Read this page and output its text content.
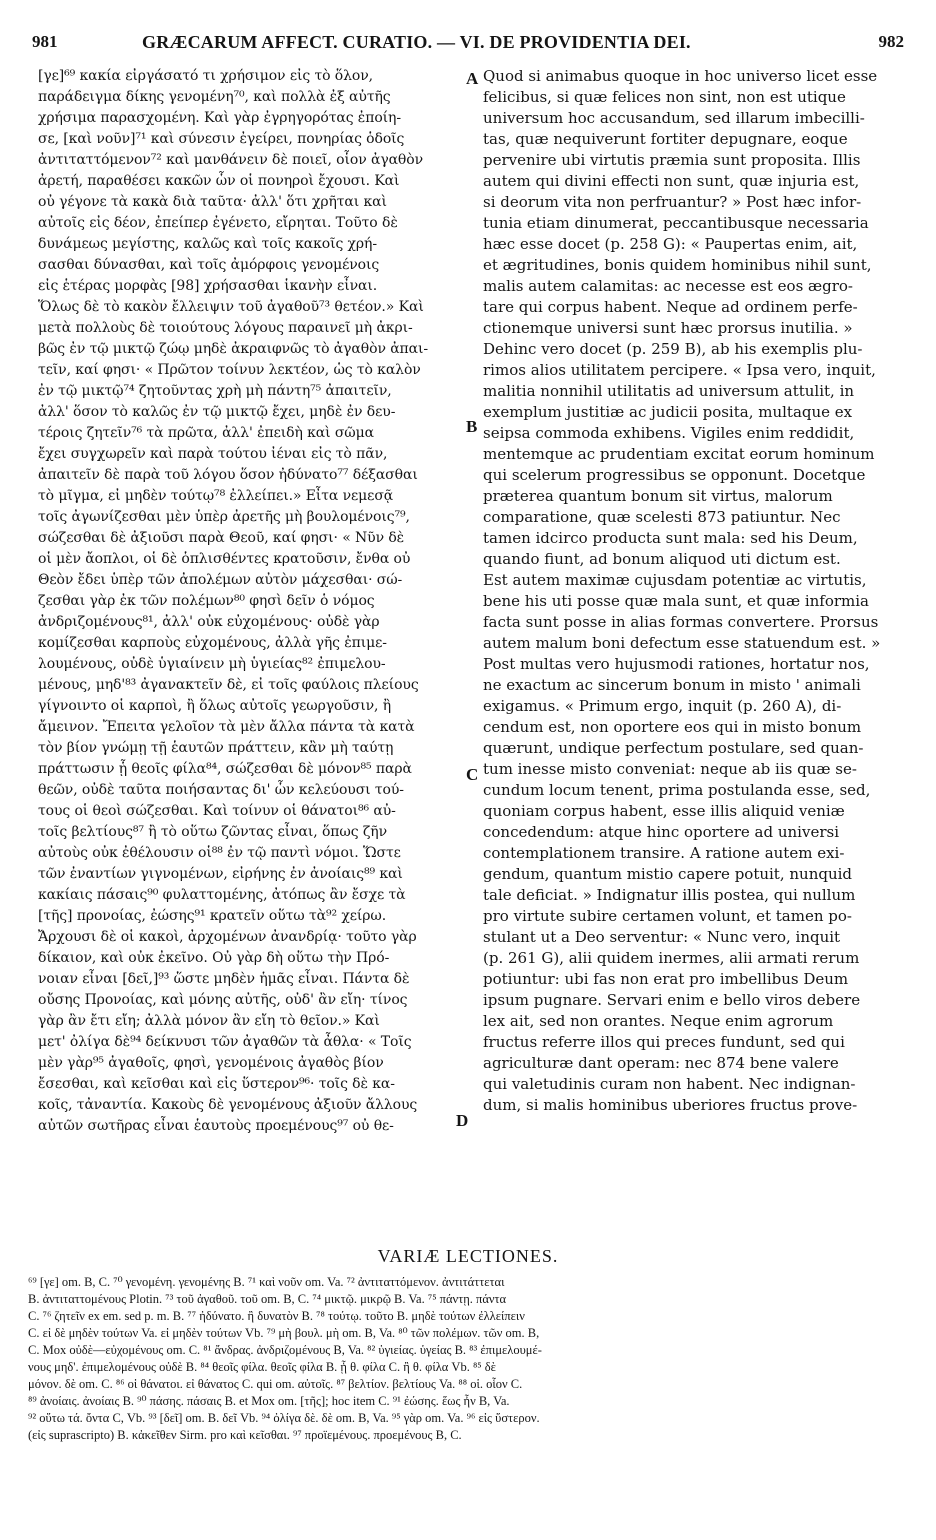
981	GRÆCARUM AFFECT. CURATIO. — VI. DE PROVIDENTIA DEI.	982
[γε]⁶⁹ κακία εἰργάσατό τι χρήσιμον εἰς τὸ ὅλον,
παράδειγμα δίκης γενομένη⁷⁰, καὶ πολλὰ ἐξ αὐτῆς
χρήσιμα παρασχομένη. Καὶ γὰρ ἐγρηγορότας ἐποίη-
σε, [καὶ νοῦν]⁷¹ καὶ σύνεσιν ἐγείρει, πονηρίας ὁδοῖς
ἀντιταττόμενον⁷² καὶ μανθάνειν δὲ ποιεῖ, οἷον ἀγαθὸν
ἀρετή, παραθέσει κακῶν ὧν οἱ πονηροὶ ἔχουσι. Καὶ
οὐ γέγονε τὰ κακὰ διὰ ταῦτα· ἀλλ' ὅτι χρῆται καὶ
αὐτοῖς εἰς δέον, ἐπείπερ ἐγένετο, εἴρηται. Τοῦτο δὲ
δυνάμεως μεγίστης, καλῶς καὶ τοῖς κακοῖς χρή-
σασθαι δύνασθαι, καὶ τοῖς ἀμόρφοις γενομένοις
εἰς ἑτέρας μορφὰς [98] χρήσασθαι ἱκανὴν εἶναι.
Ὅλως δὲ τὸ κακὸν ἔλλειψιν τοῦ ἀγαθοῦ⁷³ θετέον.» Καὶ
μετὰ πολλοὺς δὲ τοιούτους λόγους παραινεῖ μὴ ἀκρι-
βῶς ἐν τῷ μικτῷ ζώῳ μηδὲ ἀκραιφνῶς τὸ ἀγαθὸν ἀπαι-
τεῖν, καί φησι· « Πρῶτον τοίνυν λεκτέον, ὡς τὸ καλὸν
ἐν τῷ μικτῷ⁷⁴ ζητοῦντας χρὴ μὴ πάντη⁷⁵ ἀπαιτεῖν,
ἀλλ' ὅσον τὸ καλῶς ἐν τῷ μικτῷ ἔχει, μηδὲ ἐν δευ-
τέροις ζητεῖν⁷⁶ τὰ πρῶτα, ἀλλ' ἐπειδὴ καὶ σῶμα
ἔχει συγχωρεῖν καὶ παρὰ τούτου ἰέναι εἰς τὸ πᾶν,
ἀπαιτεῖν δὲ παρὰ τοῦ λόγου ὅσον ἠδύνατο⁷⁷ δέξασθαι
τὸ μῖγμα, εἰ μηδὲν τούτῳ⁷⁸ ἐλλείπει.» Εἶτα νεμεσᾷ
τοῖς ἀγωνίζεσθαι μὲν ὑπὲρ ἀρετῆς μὴ βουλομένοις⁷⁹,
σώζεσθαι δὲ ἀξιοῦσι παρὰ Θεοῦ, καί φησι· « Νῦν δὲ
οἱ μὲν ἄοπλοι, οἱ δὲ ὁπλισθέντες κρατοῦσιν, ἔνθα οὐ
Θεὸν ἔδει ὑπὲρ τῶν ἀπολέμων αὐτὸν μάχεσθαι· σώ-
ζεσθαι γὰρ ἐκ τῶν πολέμων⁸⁰ φησὶ δεῖν ὁ νόμος
ἀνδριζομένους⁸¹, ἀλλ' οὐκ εὐχομένους· οὐδὲ γὰρ
κομίζεσθαι καρποὺς εὐχομένους, ἀλλὰ γῆς ἐπιμε-
λουμένους, οὐδὲ ὑγιαίνειν μὴ ὑγιείας⁸² ἐπιμελου-
μένους, μηδ'⁸³ ἀγανακτεῖν δὲ, εἰ τοῖς φαύλοις πλείους
γίγνοιντο οἱ καρποὶ, ἢ ὅλως αὐτοῖς γεωργοῦσιν, ἢ
ἄμεινον. Ἔπειτα γελοῖον τὰ μὲν ἄλλα πάντα τὰ κατὰ
τὸν βίον γνώμῃ τῇ ἑαυτῶν πράττειν, κἂν μὴ ταύτῃ
πράττωσιν ᾗ θεοῖς φίλα⁸⁴, σώζεσθαι δὲ μόνον⁸⁵ παρὰ
θεῶν, οὐδὲ ταῦτα ποιήσαντας δι' ὧν κελεύουσι τού-
τους οἱ θεοὶ σώζεσθαι. Καὶ τοίνυν οἱ θάνατοι⁸⁶ αὐ-
τοῖς βελτίους⁸⁷ ἢ τὸ οὕτω ζῶντας εἶναι, ὅπως ζῆν
αὐτοὺς οὐκ ἐθέλουσιν οἱ⁸⁸ ἐν τῷ παντὶ νόμοι. Ὥστε
τῶν ἐναντίων γιγνομένων, εἰρήνης ἐν ἀνοίαις⁸⁹ καὶ
κακίαις πάσαις⁹⁰ φυλαττομένης, ἀτόπως ἂν ἔσχε τὰ
[τῆς] προνοίας, ἐώσης⁹¹ κρατεῖν οὕτω τὰ⁹² χείρω.
Ἄρχουσι δὲ οἱ κακοὶ, ἀρχομένων ἀνανδρίᾳ· τοῦτο γὰρ
δίκαιον, καὶ οὐκ ἐκεῖνο. Οὐ γὰρ δὴ οὕτω τὴν Πρό-
νοιαν εἶναι [δεῖ,]⁹³ ὥστε μηδὲν ἡμᾶς εἶναι. Πάντα δὲ
οὔσης Προνοίας, καὶ μόνης αὐτῆς, οὐδ' ἂν εἴη· τίνος
γὰρ ἂν ἔτι εἴη; ἀλλὰ μόνον ἂν εἴη τὸ θεῖον.» Καὶ
μετ' ὀλίγα δὲ⁹⁴ δείκνυσι τῶν ἀγαθῶν τὰ ἆθλα· « Τοῖς
μὲν γὰρ⁹⁵ ἀγαθοῖς, φησὶ, γενομένοις ἀγαθὸς βίον
ἔσεσθαι, καὶ κεῖσθαι καὶ εἰς ὕστερον⁹⁶· τοῖς δὲ κα-
κοῖς, τἀναντία. Κακοὺς δὲ γενομένους ἀξιοῦν ἄλλους
αὐτῶν σωτῆρας εἶναι ἑαυτοὺς προεμένους⁹⁷ οὐ θε-
Quod si animabus quoque in hoc universo licet esse
felicibus, si quæ felices non sint, non est utique
universum hoc accusandum, sed illarum imbecilli-
tas, quæ nequiverunt fortiter depugnare, eoque
pervenire ubi virtutis præmia sunt proposita. Illis
autem qui divini effecti non sunt, quæ injuria est,
si deorum vita non perfruantur? » Post hæc infor-
tunia etiam dinumerat, peccantibusque necessaria
hæc esse docet (p. 258 G): « Paupertas enim, ait,
et ægritudines, bonis quidem hominibus nihil sunt,
malis autem calamitas: ac necesse est eos ægro-
tare qui corpus habent. Neque ad ordinem perfe-
ctionemque universi sunt hæc prorsus inutilia. »
Dehinc vero docet (p. 259 B), ab his exemplis plu-
rimos alios utilitatem percipere. « Ipsa vero, inquit,
malitia nonnihil utilitatis ad universum attulit, in
exemplum justitiæ ac judicii posita, multaque ex
seipsa commoda exhibens. Vigiles enim reddidit,
mentemque ac prudentiam excitat eorum hominum
qui scelerum progressibus se opponunt. Docetque
præterea quantum bonum sit virtus, malorum
comparatione, quæ scelesti 873 patiuntur. Nec
tamen idcirco producta sunt mala: sed his Deum,
quando fiunt, ad bonum aliquod uti dictum est.
Est autem maximæ cujusdam potentiæ ac virtutis,
bene his uti posse quæ mala sunt, et quæ informia
facta sunt posse in alias formas convertere. Prorsus
autem malum boni defectum esse statuendum est. »
Post multas vero hujusmodi rationes, hortatur nos,
ne exactum ac sincerum bonum in misto ' animali
exigamus. « Primum ergo, inquit (p. 260 A), di-
cendum est, non oportere eos qui in misto bonum
quærunt, undique perfectum postulare, sed quan-
tum inesse misto conveniat: neque ab iis quæ se-
cundum locum tenent, prima postulanda esse, sed,
quoniam corpus habent, esse illis aliquid veniæ
concedendum: atque hinc oportere ad universi
contemplationem transire. A ratione autem exi-
gendum, quantum mistio capere potuit, nunquid
tale deficiat. » Indignatur illis postea, qui nullum
pro virtute subire certamen volunt, et tamen po-
stulant ut a Deo serventur: « Nunc vero, inquit
(p. 261 G), alii quidem inermes, alii armati rerum
potiuntur: ubi fas non erat pro imbellibus Deum
ipsum pugnare. Servari enim e bello viros debere
lex ait, sed non orantes. Neque enim agrorum
fructus referre illos qui preces fundunt, sed qui
agriculturæ dant operam: nec 874 bene valere
qui valetudinis curam non habent. Nec indignan-
dum, si malis hominibus uberiores fructus prove-
A
B
C
D
VARIÆ LECTIONES.
⁶⁹ [γε] om. B, C. ⁷⁰ γενομένη. γενομένης B. ⁷¹ καὶ νοῦν om. Va. ⁷² ἀντιταττόμενον. ἀντιτάττεται
B. ἀντιταττομένους Plotin. ⁷³ τοῦ ἀγαθοῦ. τοῦ om. B, C. ⁷⁴ μικτῷ. μικρῷ B. Va. ⁷⁵ πάντῃ. πάντα
C. ⁷⁶ ζητεῖν ex em. sed p. m. B. ⁷⁷ ἠδύνατο. ἢ δυνατὸν B. ⁷⁸ τούτῳ. τοῦτο B. μηδὲ τούτων ἐλλείπειν
C. εἰ δὲ μηδὲν τούτων Va. εἰ μηδὲν τούτων Vb. ⁷⁹ μὴ βουλ. μὴ om. B, Va. ⁸⁰ τῶν πολέμων. τῶν om. B,
C. Mox οὐδὲ—εὐχομένους om. C. ⁸¹ ἄνδρας. ἀνδριζομένους B, Va. ⁸² ὑγιείας. ὑγείας B. ⁸³ ἐπιμελουμέ-
νους μηδ'. ἐπιμελομένους οὐδὲ B. ⁸⁴ θεοῖς φίλα. θεοῖς φίλα B. ᾗ θ. φίλα C. ἢ θ. φίλα Vb. ⁸⁵ δὲ
μόνον. δὲ om. C. ⁸⁶ οἱ θάνατοι. εἰ θάνατος C. qui om. αὐτοῖς. ⁸⁷ βελτίον. βελτίους Va. ⁸⁸ οἱ. οἷον C.
⁸⁹ ἀνοίαις. ἀνοίαις B. ⁹⁰ πάσης. πάσαις B. et Mox om. [τῆς]; hoc item C. ⁹¹ ἐώσης. ἕως ἦν B, Va.
⁹² οὕτω τά. ὄντα C, Vb. ⁹³ [δεῖ] om. B. δεῖ Vb. ⁹⁴ ὀλίγα δὲ. δὲ om. B, Va. ⁹⁵ γὰρ om. Va. ⁹⁶ εἰς ὕστερον.
(εἰς suprascripto) B. κἀκεῖθεν Sirm. pro καὶ κεῖσθαι. ⁹⁷ προϊεμένους. προεμένους B, C.
